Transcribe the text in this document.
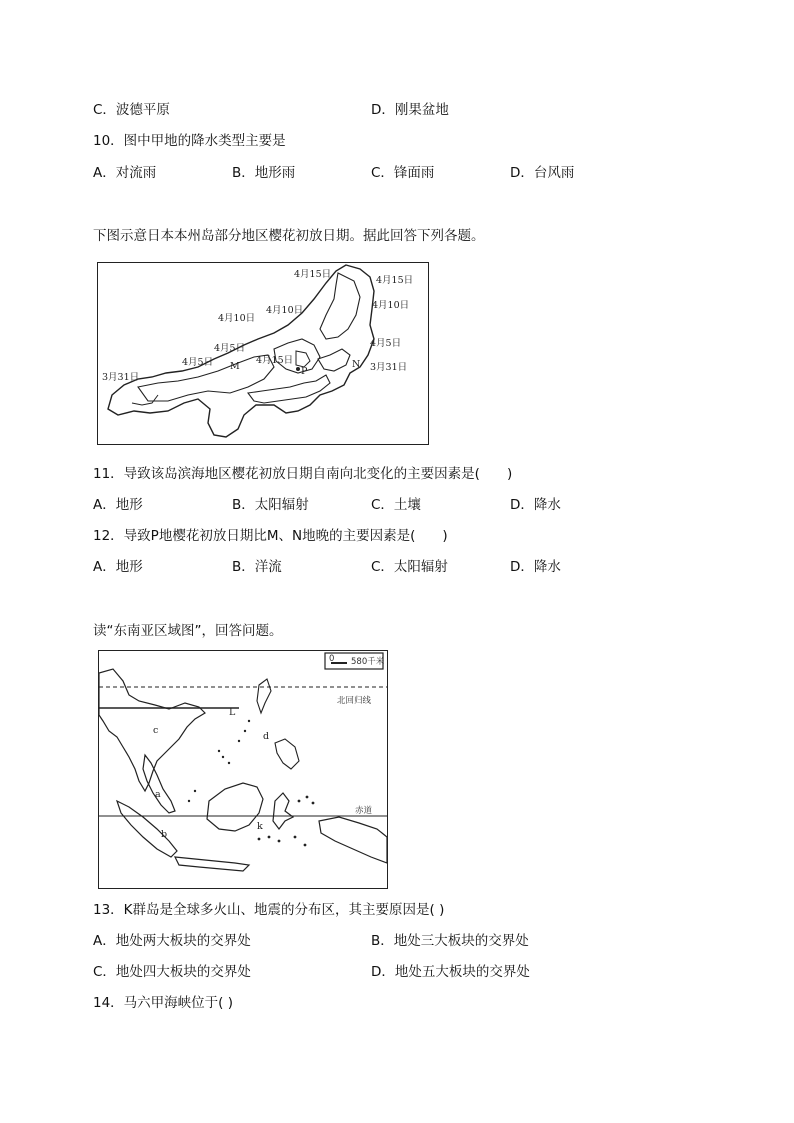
C．波德平原	D．刚果盆地
10．图中甲地的降水类型主要是
A．对流雨	B．地形雨	C．锋面雨	D．台风雨
下图示意日本本州岛部分地区樱花初放日期。据此回答下列各题。
4月15日
4月15日
4月10日
4月10日
4月10日
4月5日
4月5日
4月5日
4月15日
3月31日
3月31日
M	P
N
11．导致该岛滨海地区樱花初放日期自南向北变化的主要因素是(　　)
A．地形	B．太阳辐射	C．土壤	D．降水
12．导致P地樱花初放日期比M、N地晚的主要因素是(　　)
A．地形	B．洋流	C．太阳辐射	D．降水
读“东南亚区域图”，回答问题。
0 580千米
北回归线
赤道
L
c
d
a
b
k
13．K群岛是全球多火山、地震的分布区，其主要原因是( )
A．地处两大板块的交界处	B．地处三大板块的交界处
C．地处四大板块的交界处	D．地处五大板块的交界处
14．马六甲海峡位于( )
